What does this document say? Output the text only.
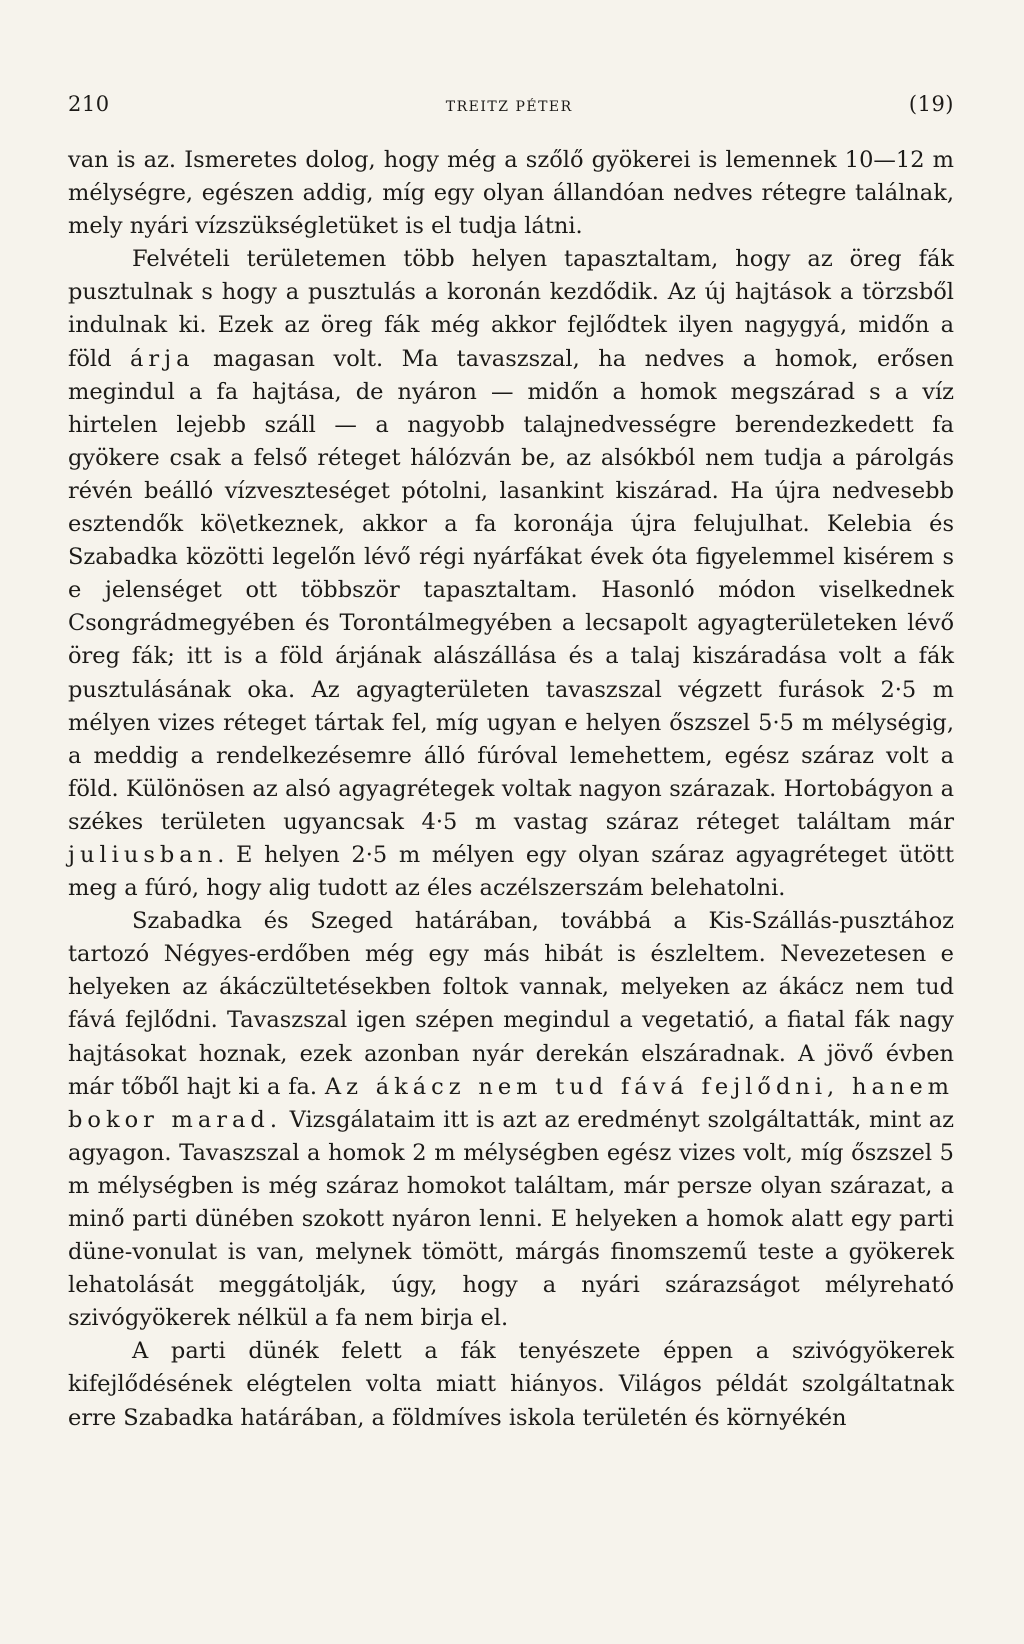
210	TREITZ PÉTER	(19)

van is az. Ismeretes dolog, hogy még a szőlő gyökerei is lemennek 10—12 m mélységre, egészen addig, míg egy olyan állandóan nedves rétegre találnak, mely nyári vízszükségletüket is el tudja látni.

Felvételi területemen több helyen tapasztaltam, hogy az öreg fák pusztulnak s hogy a pusztulás a koronán kezdődik. Az új hajtások a törzsből indulnak ki. Ezek az öreg fák még akkor fejlődtek ilyen nagygyá, midőn a föld árja magasan volt. Ma tavaszszal, ha nedves a homok, erősen megindul a fa hajtása, de nyáron — midőn a homok megszárad s a víz hirtelen lejebb száll — a nagyobb talajnedvességre berendezkedett fa gyökere csak a felső réteget hálózván be, az alsókból nem tudja a párolgás révén beálló vízveszteséget pótolni, lasankint kiszárad. Ha újra nedvesebb esztendők kö\etkeznek, akkor a fa koronája újra felujulhat. Kelebia és Szabadka közötti legelőn lévő régi nyárfákat évek óta figyelemmel kisérem s e jelenséget ott többször tapasztaltam. Hasonló módon viselkednek Csongrádmegyében és Torontálmegyében a lecsapolt agyagterületeken lévő öreg fák; itt is a föld árjának alászállása és a talaj kiszáradása volt a fák pusztulásának oka. Az agyagterületen tavaszszal végzett furások 2·5 m mélyen vizes réteget tártak fel, míg ugyan e helyen őszszel 5·5 m mélységig, a meddig a rendelkezésemre álló fúróval lemehettem, egész száraz volt a föld. Különösen az alsó agyagrétegek voltak nagyon szárazak. Hortobágyon a székes területen ugyancsak 4·5 m vastag száraz réteget találtam már juliusban. E helyen 2·5 m mélyen egy olyan száraz agyagréteget ütött meg a fúró, hogy alig tudott az éles aczélszerszám belehatolni.

Szabadka és Szeged határában, továbbá a Kis-Szállás-pusztához tartozó Négyes-erdőben még egy más hibát is észleltem. Nevezetesen e helyeken az ákáczültetésekben foltok vannak, melyeken az ákácz nem tud fává fejlődni. Tavaszszal igen szépen megindul a vegetatió, a fiatal fák nagy hajtásokat hoznak, ezek azonban nyár derekán elszáradnak. A jövő évben már tőből hajt ki a fa. Az ákácz nem tud fává fejlődni, hanem bokor marad. Vizsgálataim itt is azt az eredményt szolgáltatták, mint az agyagon. Tavaszszal a homok 2 m mélységben egész vizes volt, míg őszszel 5 m mélységben is még száraz homokot találtam, már persze olyan szárazat, a minő parti dünében szokott nyáron lenni. E helyeken a homok alatt egy parti düne-vonulat is van, melynek tömött, márgás finomszemű teste a gyökerek lehatolását meggátolják, úgy, hogy a nyári szárazságot mélyreható szivógyökerek nélkül a fa nem birja el.

A parti dünék felett a fák tenyészete éppen a szivógyökerek kifejlődésének elégtelen volta miatt hiányos. Világos példát szolgáltatnak erre Szabadka határában, a földmíves iskola területén és környékén
